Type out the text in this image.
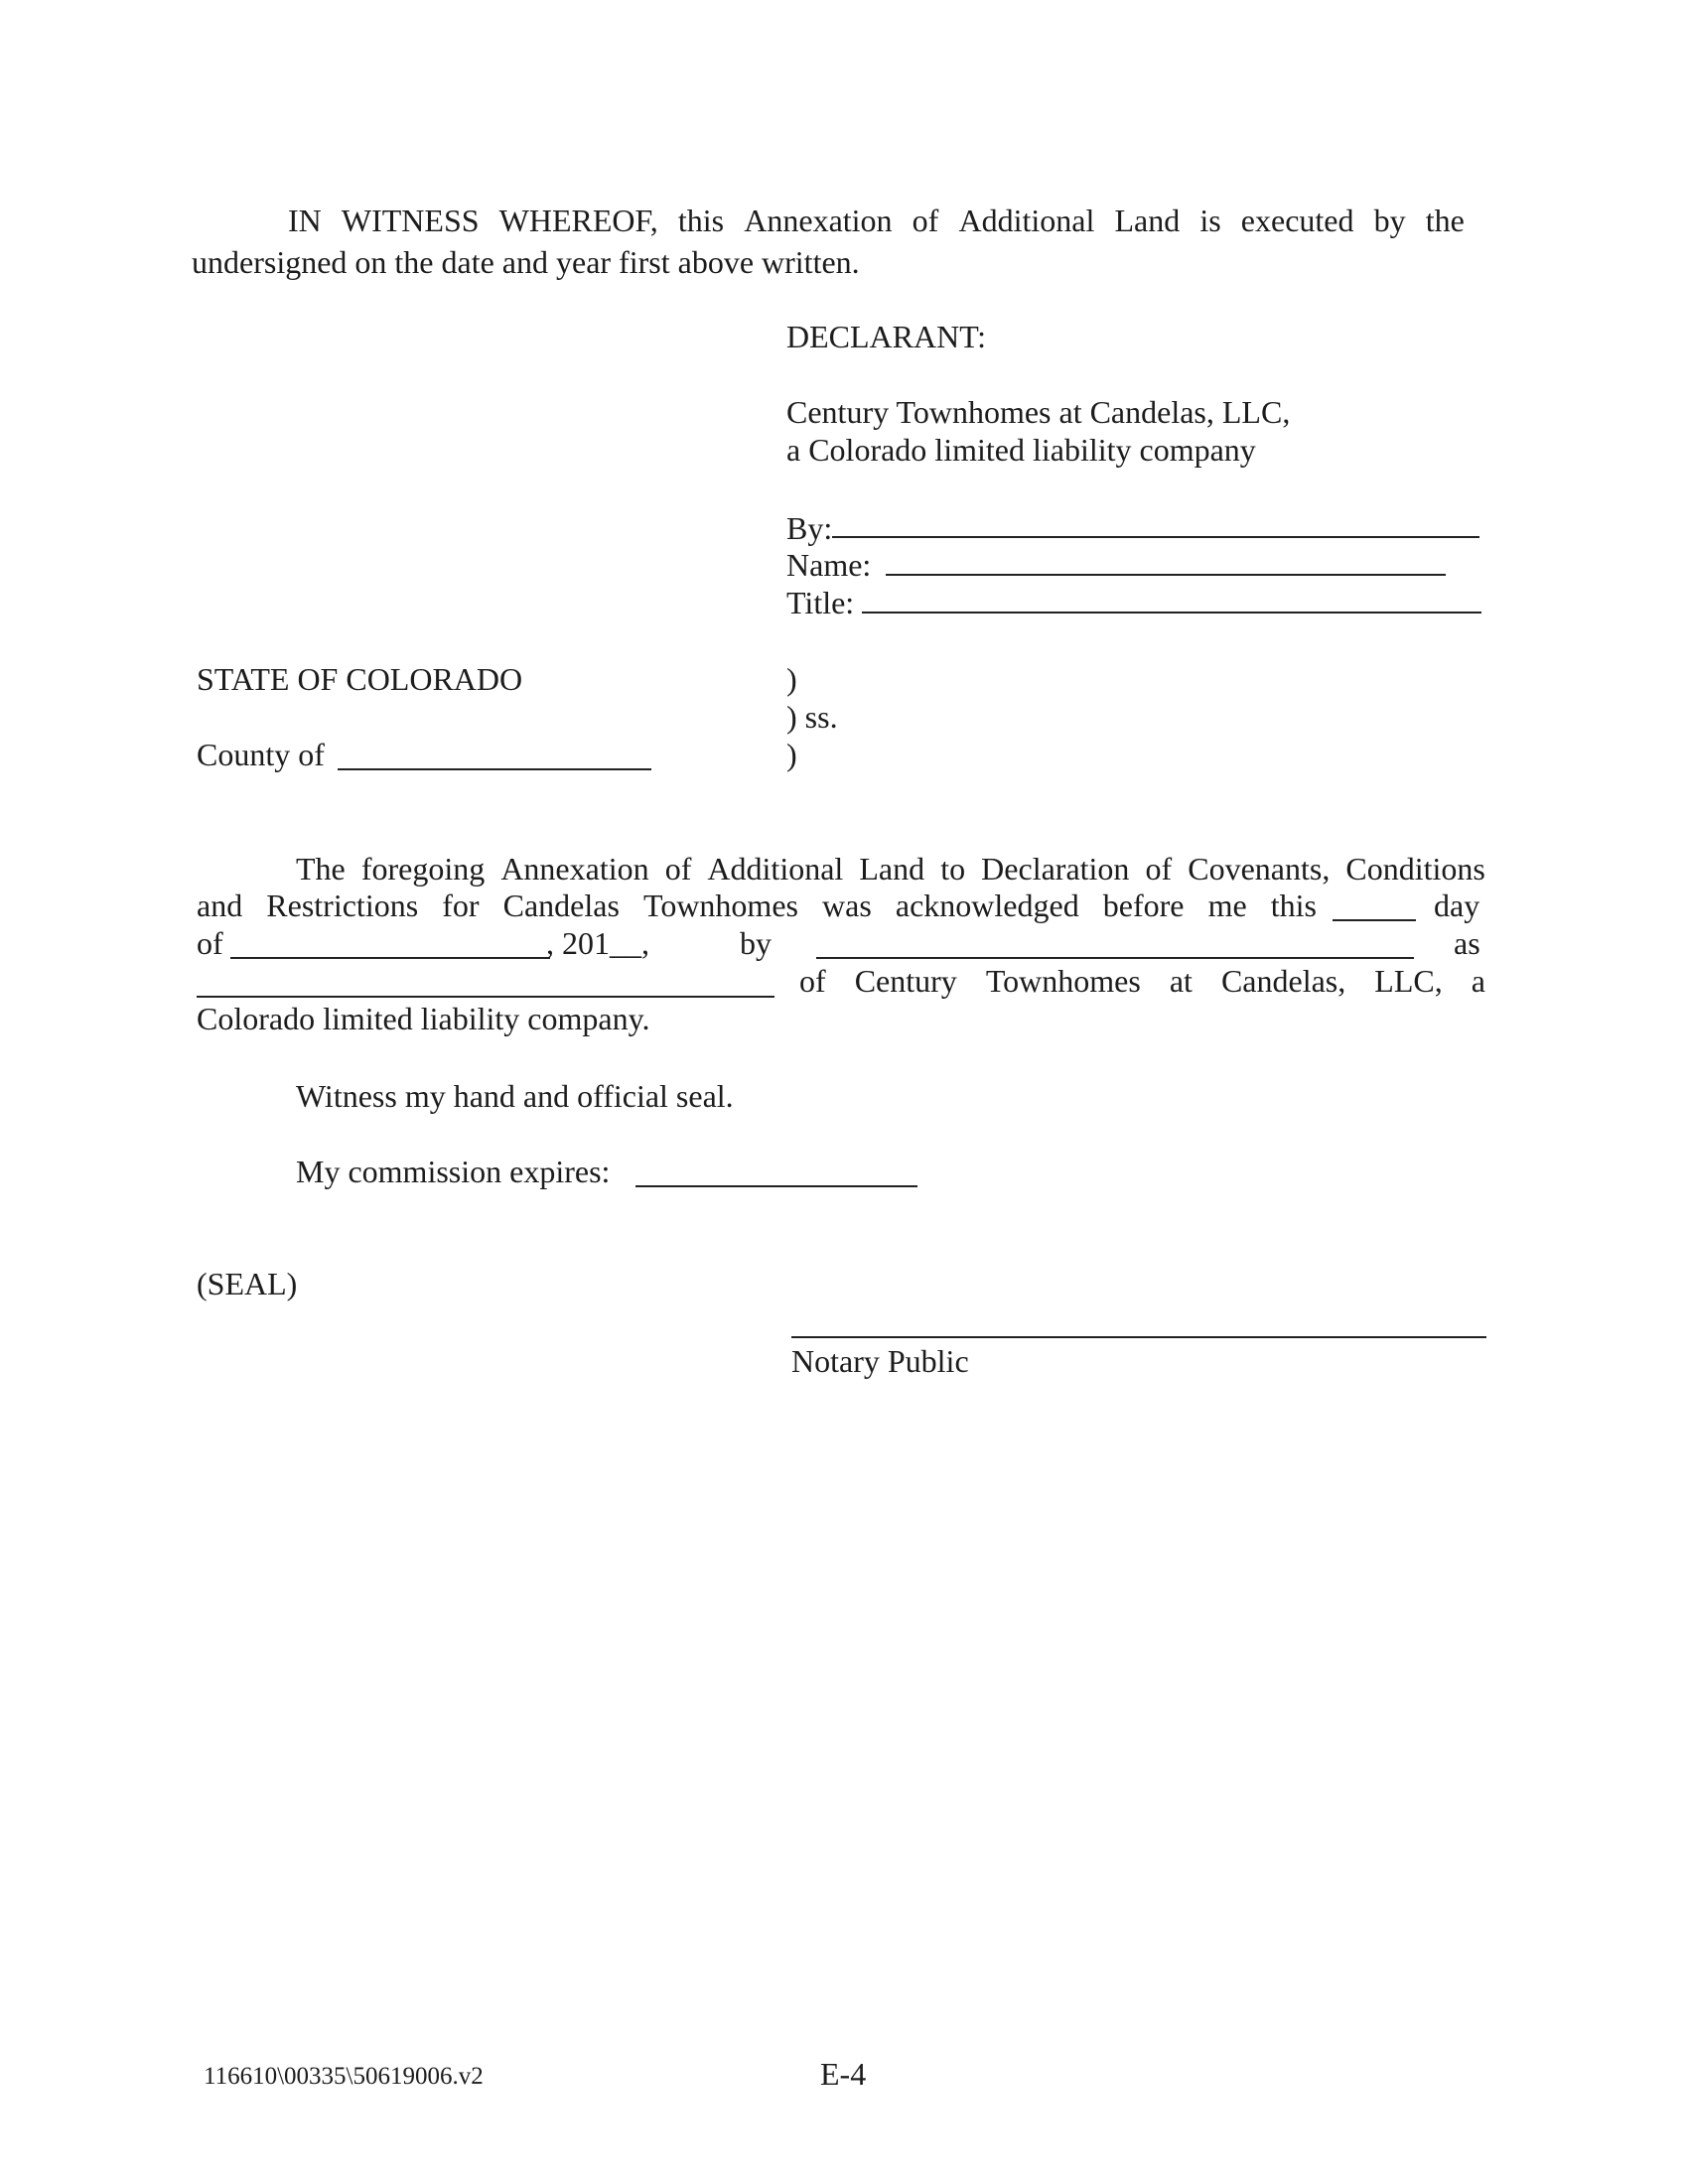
IN WITNESS WHEREOF, this Annexation of Additional Land is executed by the
undersigned on the date and year first above written.
DECLARANT:
Century Townhomes at Candelas, LLC,
a Colorado limited liability company
By:
Name:
Title:
STATE OF COLORADO	)
) ss.
County of	)
The foregoing Annexation of Additional Land to Declaration of Covenants, Conditions
and Restrictions for Candelas Townhomes was acknowledged before me this	day
of	, 201__,	by	as
of Century Townhomes at Candelas, LLC, a
Colorado limited liability company.
Witness my hand and official seal.
My commission expires:
(SEAL)
Notary Public
116610\00335\50619006.v2	E-4
